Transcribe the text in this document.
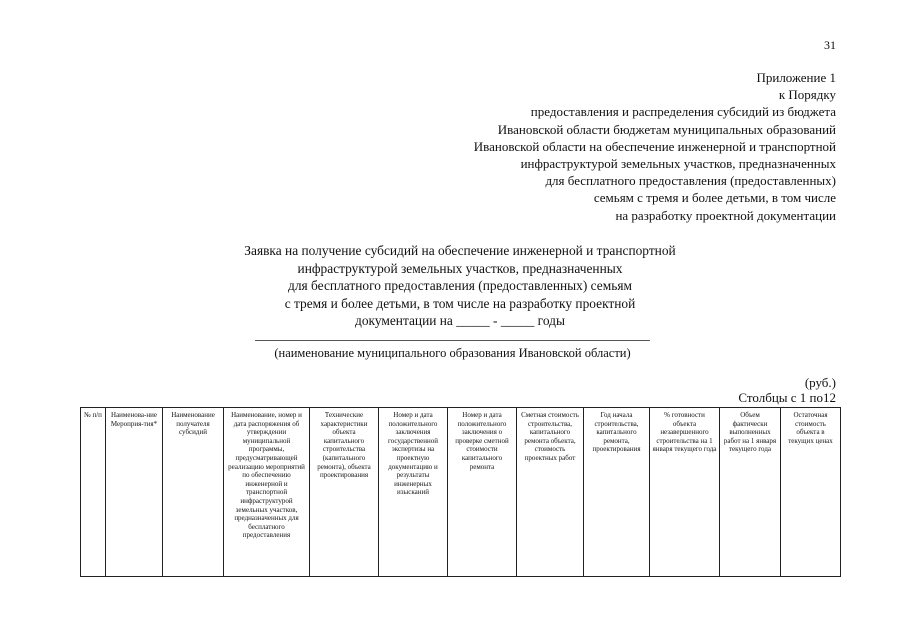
31
Приложение 1
к Порядку
предоставления и распределения субсидий из бюджета
Ивановской области бюджетам муниципальных образований
Ивановской области на обеспечение инженерной и транспортной
инфраструктурой земельных участков, предназначенных
для бесплатного предоставления (предоставленных)
семьям с тремя и более детьми, в том числе
на разработку проектной документации
Заявка на получение субсидий на обеспечение инженерной и транспортной
инфраструктурой земельных участков, предназначенных
для бесплатного предоставления (предоставленных) семьям
с тремя и более детьми, в том числе на разработку проектной
документации на _____ - _____ годы
(наименование муниципального образования Ивановской области)
(руб.)
Столбцы с 1 по12
№ п/п	Наименова-ние Мероприя-тия*	Наименование получателя субсидий	Наименование, номер и дата распоряжения об утверждении муниципальной программы, предусматривающей реализацию мероприятий по обеспечению инженерной и транспортной инфраструктурой земельных участков, предназначенных для бесплатного предоставления	Технические характеристики объекта капитального строительства (капитального ремонта), объекта проектирования	Номер и дата положительного заключения государственной экспертизы на проектную документацию и результаты инженерных изысканий	Номер и дата положительного заключения о проверке сметной стоимости капитального ремонта	Сметная стоимость строительства, капитального ремонта объекта, стоимость проектных работ	Год начала строительства, капитального ремонта, проектирования	% готовности объекта незавершенного строительства на 1 января текущего года	Объем фактически выполненных работ на 1 января текущего года	Остаточная стоимость объекта в текущих ценах
